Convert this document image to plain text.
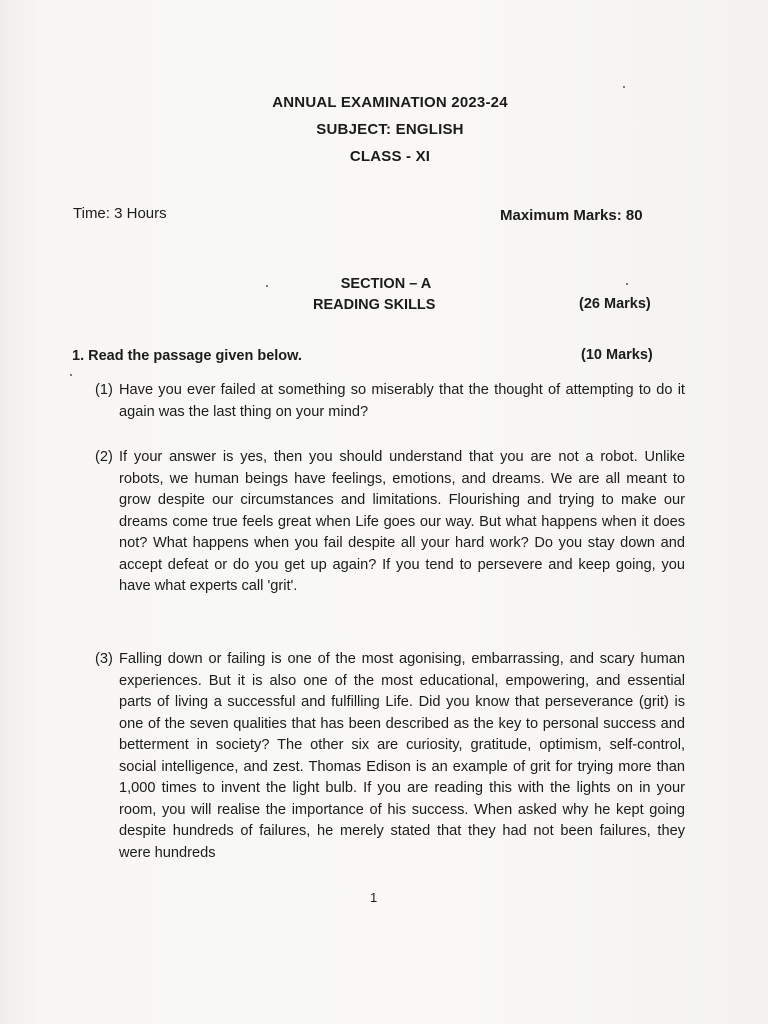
ANNUAL EXAMINATION 2023-24
SUBJECT: ENGLISH
CLASS - XI
Time: 3 Hours	Maximum Marks: 80
SECTION – A
READING SKILLS	(26 Marks)
1. Read the passage given below.	(10 Marks)
(1) Have you ever failed at something so miserably that the thought of attempting to do it again was the last thing on your mind?
(2) If your answer is yes, then you should understand that you are not a robot. Unlike robots, we human beings have feelings, emotions, and dreams. We are all meant to grow despite our circumstances and limitations. Flourishing and trying to make our dreams come true feels great when Life goes our way. But what happens when it does not? What happens when you fail despite all your hard work? Do you stay down and accept defeat or do you get up again? If you tend to persevere and keep going, you have what experts call 'grit'.
(3) Falling down or failing is one of the most agonising, embarrassing, and scary human experiences. But it is also one of the most educational, empowering, and essential parts of living a successful and fulfilling Life. Did you know that perseverance (grit) is one of the seven qualities that has been described as the key to personal success and betterment in society? The other six are curiosity, gratitude, optimism, self-control, social intelligence, and zest. Thomas Edison is an example of grit for trying more than 1,000 times to invent the light bulb. If you are reading this with the lights on in your room, you will realise the importance of his success. When asked why he kept going despite hundreds of failures, he merely stated that they had not been failures, they were hundreds
1
